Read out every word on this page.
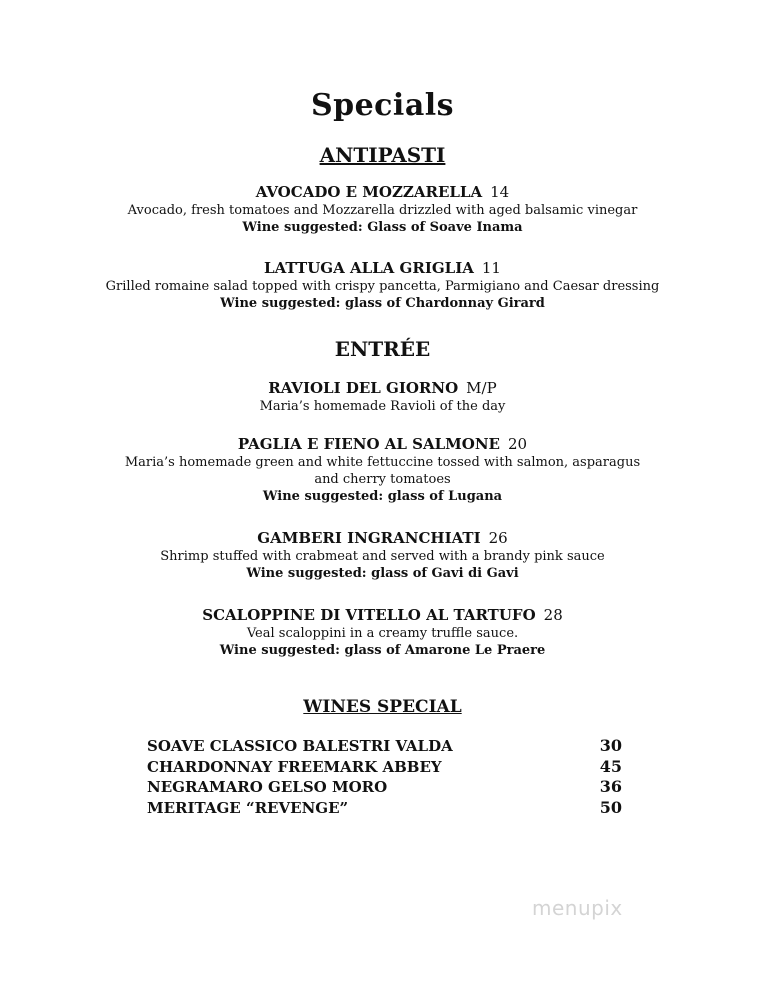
Specials
ANTIPASTI
AVOCADO E MOZZARELLA 14
Avocado, fresh tomatoes and Mozzarella drizzled with aged balsamic vinegar
Wine suggested: Glass of Soave Inama
LATTUGA ALLA GRIGLIA 11
Grilled romaine salad topped with crispy pancetta, Parmigiano and Caesar dressing
Wine suggested: glass of Chardonnay Girard
ENTRÉE
RAVIOLI DEL GIORNO M/P
Maria’s homemade Ravioli of the day
PAGLIA E FIENO AL SALMONE 20
Maria’s homemade green and white fettuccine tossed with salmon, asparagus and cherry tomatoes
Wine suggested: glass of Lugana
GAMBERI INGRANCHIATI 26
Shrimp stuffed with crabmeat and served with a brandy pink sauce
Wine suggested: glass of Gavi di Gavi
SCALOPPINE DI VITELLO AL TARTUFO 28
Veal scaloppini in a creamy truffle sauce.
Wine suggested: glass of Amarone Le Praere
WINES SPECIAL
SOAVE CLASSICO BALESTRI VALDA	30
CHARDONNAY FREEMARK ABBEY	45
NEGRAMARO GELSO MORO	36
MERITAGE “REVENGE”	50
menupix
